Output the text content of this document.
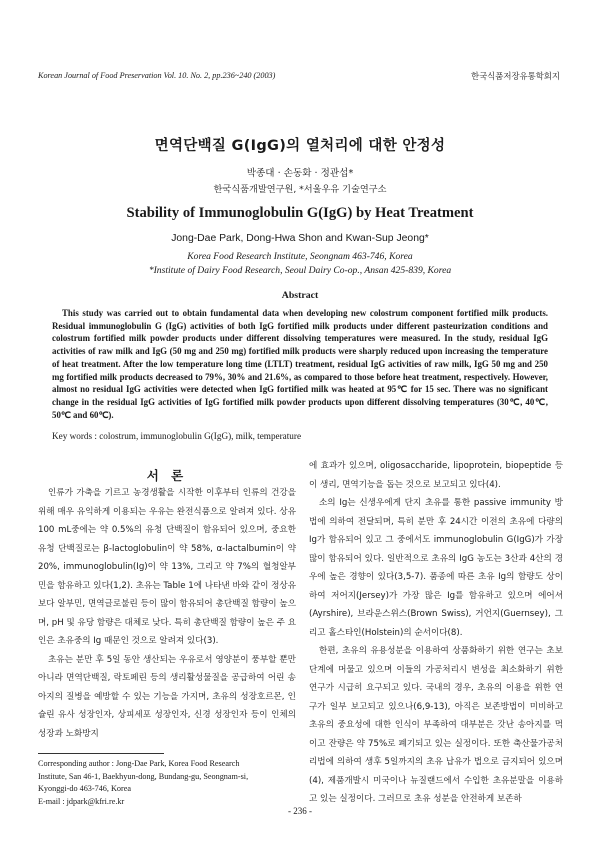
Korean Journal of Food Preservation Vol. 10. No. 2, pp.236~240 (2003)	한국식품저장유통학회지
면역단백질 G(IgG)의 열처리에 대한 안정성
박종대 · 손동화 · 정관섭*
한국식품개발연구원, *서울우유 기술연구소
Stability of Immunoglobulin G(IgG) by Heat Treatment
Jong-Dae Park, Dong-Hwa Shon and Kwan-Sup Jeong*
Korea Food Research Institute, Seongnam 463-746, Korea
*Institute of Dairy Food Research, Seoul Dairy Co-op., Ansan 425-839, Korea
Abstract
This study was carried out to obtain fundamental data when developing new colostrum component fortified milk products. Residual immunoglobulin G (IgG) activities of both IgG fortified milk products under different pasteurization conditions and colostrum fortified milk powder products under different dissolving temperatures were measured. In the study, residual IgG activities of raw milk and IgG (50 mg and 250 mg) fortified milk products were sharply reduced upon increasing the temperature of heat treatment. After the low temperature long time (LTLT) treatment, residual IgG activities of raw milk, IgG 50 mg and 250 mg fortified milk products decreased to 79%, 30% and 21.6%, as compared to those before heat treatment, respectively. However, almost no residual IgG activities were detected when IgG fortified milk was heated at 95℃ for 15 sec. There was no significant change in the residual IgG activities of IgG fortified milk powder products upon different dissolving temperatures (30℃, 40℃, 50℃ and 60℃).
Key words : colostrum, immunoglobulin G(IgG), milk, temperature
서 론

인류가 가축을 기르고 농경생활을 시작한 이후부터 인류의 건강을 위해 매우 유익하게 이용되는 우유는 완전식품으로 알려져 있다. 상유 100 mL중에는 약 0.5%의 유청 단백질이 함유되어 있으며, 중요한 유청 단백질로는 β-lactoglobulin이 약 58%, α-lactalbumin이 약 20%, immunoglobulin(Ig)이 약 13%, 그리고 약 7%의 혈청알부민을 함유하고 있다(1,2). 초유는 Table 1에 나타낸 바와 같이 정상유보다 알부민, 면역글로불린 등이 많이 함유되어 총단백질 함량이 높으며, pH 및 유당 함량은 대체로 낮다. 특히 총단백질 함량이 높은 주 요인은 초유중의 Ig 때문인 것으로 알려져 있다(3).

초유는 분만 후 5일 동안 생산되는 우유로서 영양분이 풍부할 뿐만 아니라 면역단백질, 락토페린 등의 생리활성물질을 공급하여 어린 송아지의 질병을 예방할 수 있는 기능을 가지며, 초유의 성장호르몬, 인슐린 유사 성장인자, 상피세포 성장인자, 신경 성장인자 등이 인체의 성장과 노화방지

에 효과가 있으며, oligosaccharide, lipoprotein, biopeptide 등이 생리, 면역기능을 돕는 것으로 보고되고 있다(4).

소의 Ig는 신생우에게 단지 초유를 통한 passive immunity 방법에 의하여 전달되며, 특히 분만 후 24시간 이전의 초유에 다량의 Ig가 함유되어 있고 그 중에서도 immunoglobulin G(IgG)가 가장 많이 함유되어 있다. 일반적으로 초유의 IgG 농도는 3산과 4산의 경우에 높은 경향이 있다(3,5-7). 품종에 따른 초유 Ig의 함량도 상이하여 저어지(Jersey)가 가장 많은 Ig를 함유하고 있으며 에어셔(Ayrshire), 브라운스위스(Brown Swiss), 거언지(Guernsey), 그리고 홀스타인(Holstein)의 순서이다(8).

한편, 초유의 유용성분을 이용하여 상품화하기 위한 연구는 초보단계에 머물고 있으며 이들의 가공처리시 변성을 최소화하기 위한 연구가 시급히 요구되고 있다. 국내의 경우, 초유의 이용을 위한 연구가 일부 보고되고 있으나(6,9-13), 아직은 보존방법이 미비하고 초유의 중요성에 대한 인식이 부족하여 대부분은 갓난 송아지를 먹이고 잔량은 약 75%로 폐기되고 있는 실정이다. 또한 축산물가공처리법에 의하여 생후 5일까지의 초유 납유가 법으로 금지되어 있으며(4), 제품개발시 미국이나 뉴질랜드에서 수입한 초유분말을 이용하고 있는 실정이다. 그러므로 초유 성분을 안전하게 보존하

Corresponding author : Jong-Dae Park, Korea Food Research
Institute, San 46-1, Baekhyun-dong, Bundang-gu, Seongnam-si,
Kyonggi-do 463-746, Korea
E-mail : jdpark@kfri.re.kr
- 236 -
